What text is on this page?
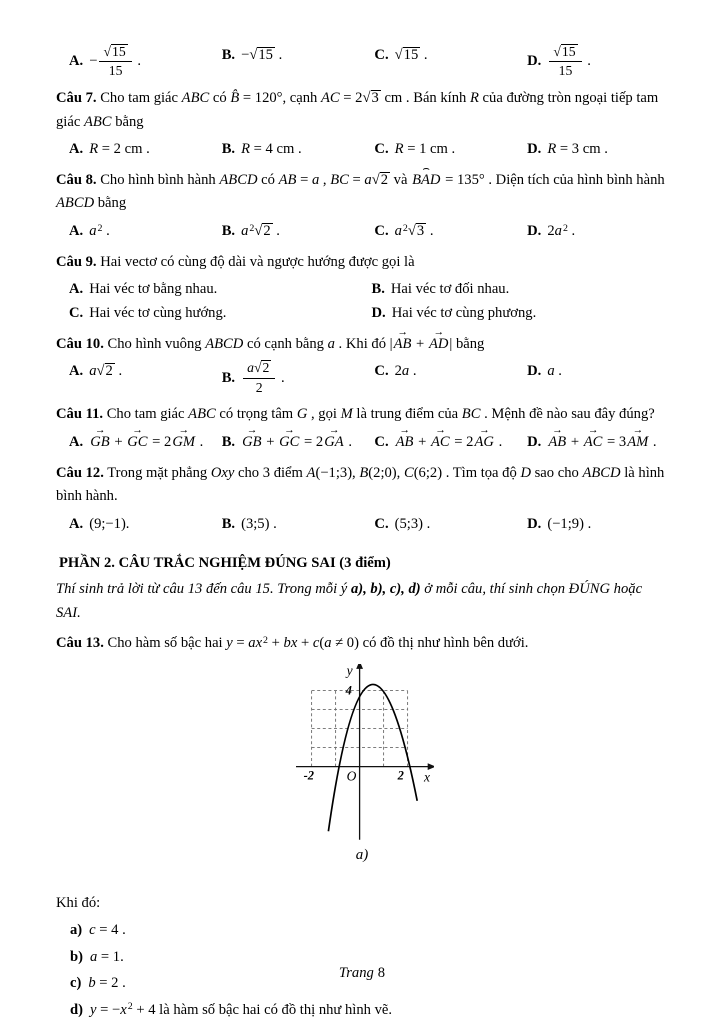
A. − $\frac{√15}{15}$ .	B. −√15 .	C. √15 .	D. $\frac{√15}{15}$ .

Câu 7. Cho tam giác ABC có B̂ = 120°, cạnh AC = 2√3 cm . Bán kính R của đường tròn ngoại tiếp tam giác ABC bằng

A. R = 2 cm .	B. R = 4 cm .	C. R = 1 cm .	D. R = 3 cm .

Câu 8. Cho hình bình hành ABCD có AB = a , BC = a√2 và BAD ⌢ = 135° . Diện tích của hình bình hành ABCD bằng

A. $a^2$ .	B. $a^2√2$ .	C. $a^2√3$ .	D. $2a^2$ .

Câu 9. Hai vectơ có cùng độ dài và ngược hướng được gọi là

A. Hai véc tơ bằng nhau.	B. Hai véc tơ đối nhau.
C. Hai véc tơ cùng hướng.	D. Hai véc tơ cùng phương.

Câu 10. Cho hình vuông ABCD có cạnh bằng a . Khi đó |AB → + AD →| bằng

A. a√2 .	B. $\frac{a√2}{2}$ .	C. 2a .	D. a .

Câu 11. Cho tam giác ABC có trọng tâm G , gọi M là trung điểm của BC . Mệnh đề nào sau đây đúng?

A. GB → + GC → = 2GM → .	B. GB → + GC → = 2GA → .	C. AB → + AC → = 2AG → .	D. AB → + AC → = 3AM → .

Câu 12. Trong mặt phẳng Oxy cho 3 điểm A(−1;3), B(2;0), C(6;2) . Tìm tọa độ D sao cho ABCD là hình bình hành.

A. (9;−1).	B. (3;5) .	C. (5;3) .	D. (−1;9) .

PHẦN 2. CÂU TRẮC NGHIỆM ĐÚNG SAI (3 điểm)

Thí sinh trả lời từ câu 13 đến câu 15. Trong mỗi ý a), b), c), d) ở mỗi câu, thí sinh chọn ĐÚNG hoặc SAI.

Câu 13. Cho hàm số bậc hai $y = ax^2$ + bx + c(a ≠ 0) có đồ thị như hình bên dưới.

y
x
O
4
-2	2

a)

Khi đó:

a) c = 4 .

b) a = 1.

c) b = 2 .

d) $y = -x^2 + 4$ là hàm số bậc hai có đồ thị như hình vẽ.

Trang 8
